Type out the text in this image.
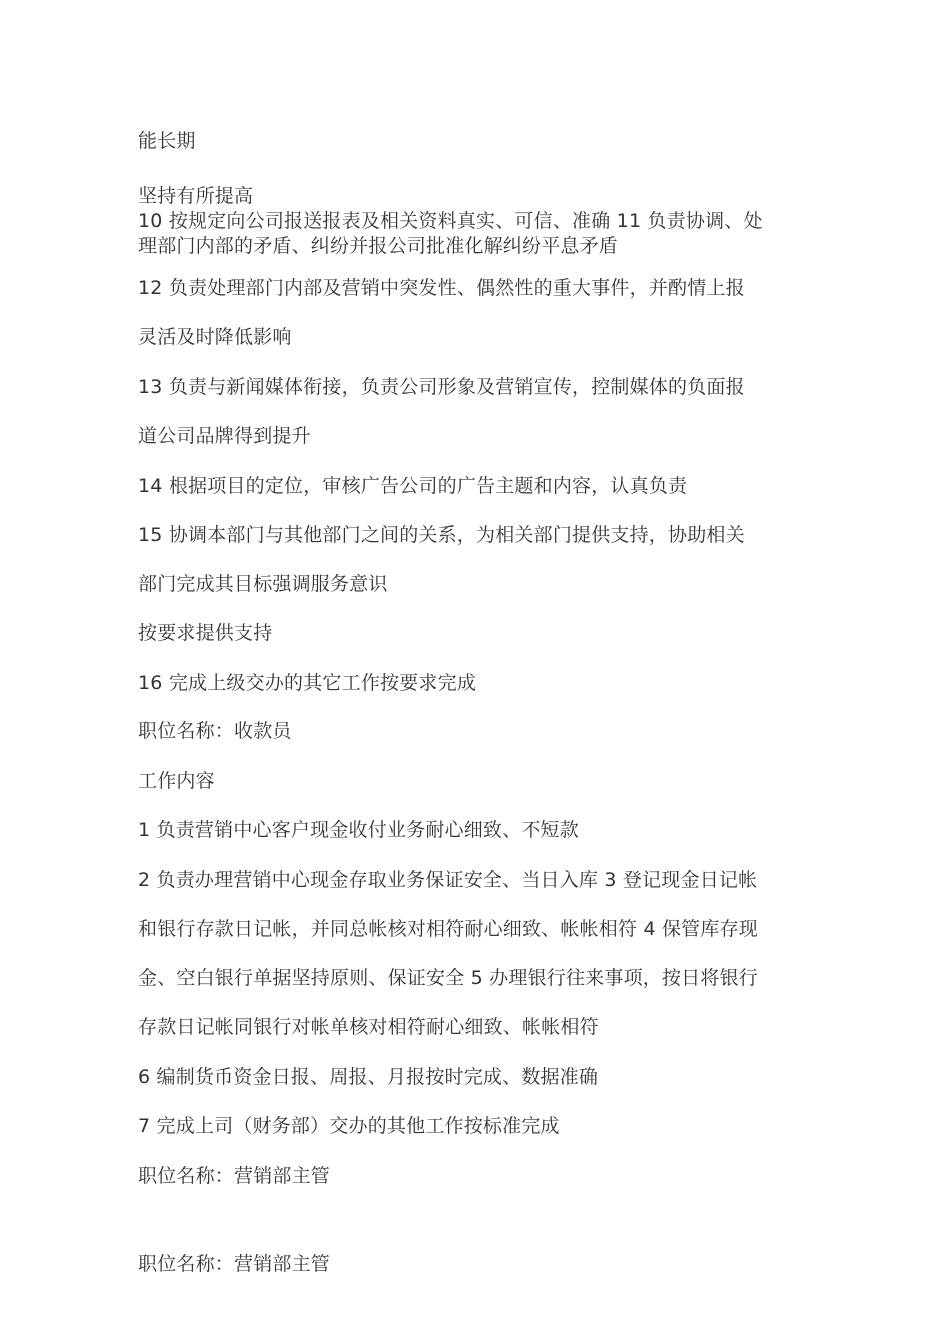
能长期
坚持有所提高
10 按规定向公司报送报表及相关资料真实、可信、准确 11 负责协调、处
理部门内部的矛盾、纠纷并报公司批准化解纠纷平息矛盾
12 负责处理部门内部及营销中突发性、偶然性的重大事件，并酌情上报
灵活及时降低影响
13 负责与新闻媒体衔接，负责公司形象及营销宣传，控制媒体的负面报
道公司品牌得到提升
14 根据项目的定位，审核广告公司的广告主题和内容，认真负责
15 协调本部门与其他部门之间的关系，为相关部门提供支持，协助相关
部门完成其目标强调服务意识
按要求提供支持
16 完成上级交办的其它工作按要求完成
职位名称：收款员
工作内容
1 负责营销中心客户现金收付业务耐心细致、不短款
2 负责办理营销中心现金存取业务保证安全、当日入库 3 登记现金日记帐
和银行存款日记帐，并同总帐核对相符耐心细致、帐帐相符 4 保管库存现
金、空白银行单据坚持原则、保证安全 5 办理银行往来事项，按日将银行
存款日记帐同银行对帐单核对相符耐心细致、帐帐相符
6 编制货币资金日报、周报、月报按时完成、数据准确
7 完成上司（财务部）交办的其他工作按标准完成
职位名称：营销部主管
职位名称：营销部主管
